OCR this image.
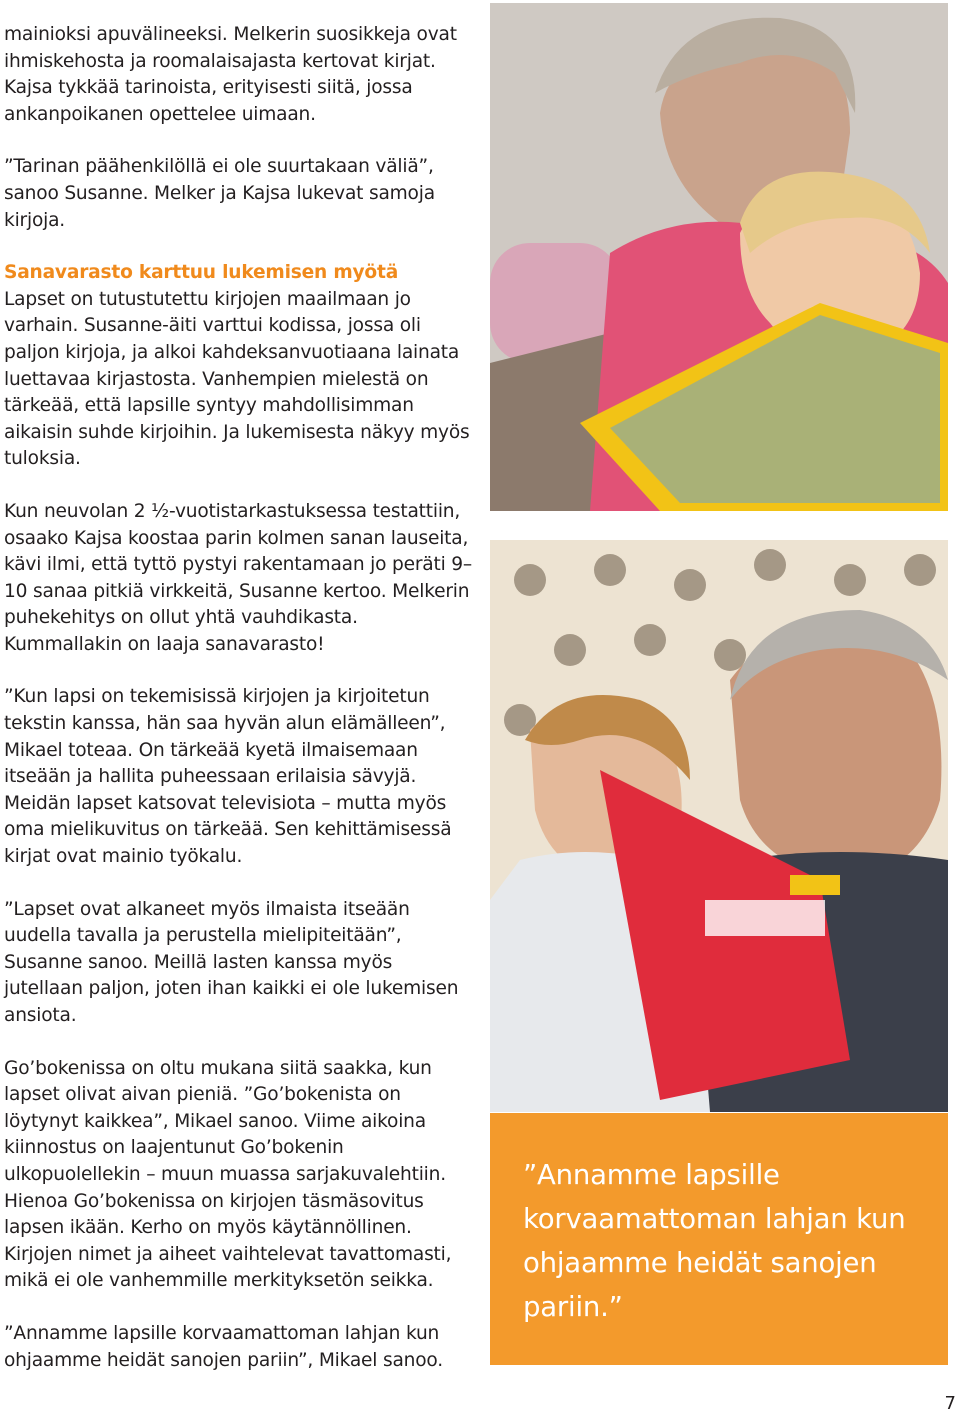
mainioksi apuvälineeksi. Melkerin suosikkeja ovat ihmiskehosta ja roomalaisajasta kertovat kirjat. Kajsa tykkää tarinoista, erityisesti siitä, jossa ankanpoikanen opettelee uimaan.

”Tarinan päähenkilöllä ei ole suurtakaan väliä”, sanoo Susanne. Melker ja Kajsa lukevat samoja kirjoja.

Sanavarasto karttuu lukemisen myötä

Lapset on tutustutettu kirjojen maailmaan jo varhain. Susanne-äiti varttui kodissa, jossa oli paljon kirjoja, ja alkoi kahdeksanvuotiaana lainata luettavaa kirjastosta. Vanhempien mielestä on tärkeää, että lapsille syntyy mahdollisimman aikaisin suhde kirjoihin. Ja lukemisesta näkyy myös tuloksia.

Kun neuvolan 2 ½-vuotistarkastuksessa testattiin, osaako Kajsa koostaa parin kolmen sanan lauseita, kävi ilmi, että tyttö pystyi rakentamaan jo peräti 9–10 sanaa pitkiä virkkeitä, Susanne kertoo. Melkerin puhekehitys on ollut yhtä vauhdikasta. Kummallakin on laaja sanavarasto!

”Kun lapsi on tekemisissä kirjojen ja kirjoitetun tekstin kanssa, hän saa hyvän alun elämälleen”, Mikael toteaa. On tärkeää kyetä ilmaisemaan itseään ja hallita puheessaan erilaisia sävyjä. Meidän lapset katsovat televisiota – mutta myös oma mielikuvitus on tärkeää. Sen kehittämisessä kirjat ovat mainio työkalu.

”Lapset ovat alkaneet myös ilmaista itseään uudella tavalla ja perustella mielipiteitään”, Susanne sanoo. Meillä lasten kanssa myös jutellaan paljon, joten ihan kaikki ei ole lukemisen ansiota.

Go’bokenissa on oltu mukana siitä saakka, kun lapset olivat aivan pieniä. ”Go’bokenista on löytynyt kaikkea”, Mikael sanoo. Viime aikoina kiinnostus on laajentunut Go’bokenin ulkopuolellekin – muun muassa sarjakuvalehtiin. Hienoa Go’bokenissa on kirjojen täsmäsovitus lapsen ikään. Kerho on myös käytännöllinen. Kirjojen nimet ja aiheet vaihtelevat tavattomasti, mikä ei ole vanhemmille merkityksetön seikka.

”Annamme lapsille korvaamattoman lahjan kun ohjaamme heidät sanojen pariin”, Mikael sanoo.

”Annamme lapsille korvaamattoman lahjan kun ohjaamme heidät sanojen pariin.”
7
